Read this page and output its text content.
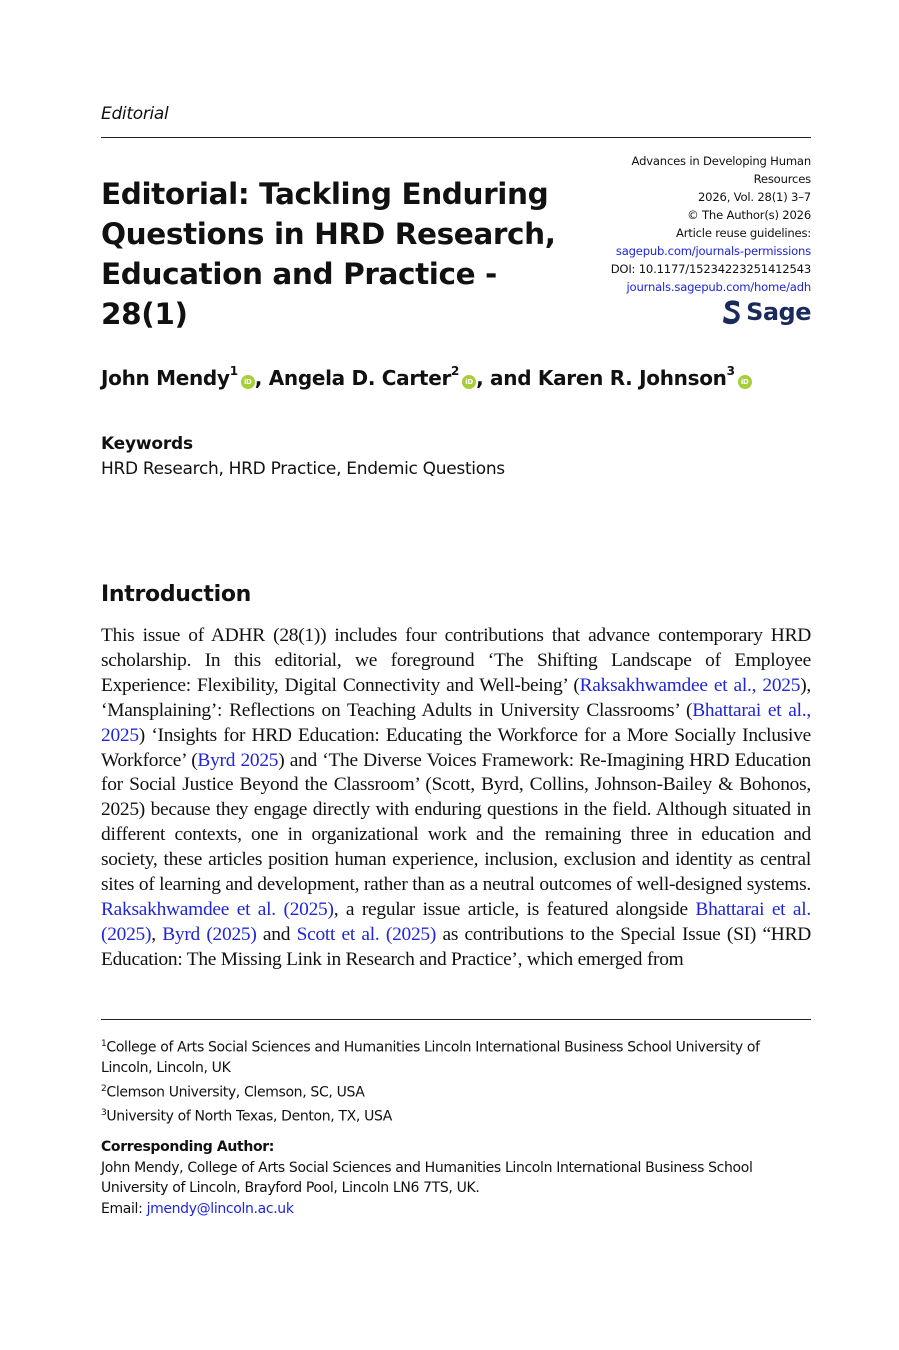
Editorial
Editorial: Tackling Enduring Questions in HRD Research, Education and Practice - 28(1)
Advances in Developing Human
Resources
2026, Vol. 28(1) 3–7
© The Author(s) 2026
Article reuse guidelines:
sagepub.com/journals-permissions
DOI: 10.1177/15234223251412543
journals.sagepub.com/home/adh
Sage
John Mendy$^1$iD , Angela D. Carter$^2$iD , and Karen R. Johnson$^3$iD
Keywords
HRD Research, HRD Practice, Endemic Questions
Introduction

This issue of ADHR (28(1)) includes four contributions that advance contemporary HRD scholarship. In this editorial, we foreground ‘The Shifting Landscape of Employee Experience: Flexibility, Digital Connectivity and Well-being’ (Raksakhwamdee et al., 2025), ‘Mansplaining’: Reflections on Teaching Adults in University Classrooms’ (Bhattarai et al., 2025) ‘Insights for HRD Education: Educating the Workforce for a More Socially Inclusive Workforce’ (Byrd 2025) and ‘The Diverse Voices Framework: Re-Imagining HRD Education for Social Justice Beyond the Classroom’ (Scott, Byrd, Collins, Johnson-Bailey & Bohonos, 2025) because they engage directly with enduring questions in the field. Although situated in different contexts, one in organizational work and the remaining three in education and society, these articles position human experience, inclusion, exclusion and identity as central sites of learning and development, rather than as a neutral outcomes of well-designed systems. Raksakhwamdee et al. (2025), a regular issue article, is featured alongside Bhattarai et al. (2025), Byrd (2025) and Scott et al. (2025) as contributions to the Special Issue (SI) “HRD Education: The Missing Link in Research and Practice’, which emerged from

$^1$College of Arts Social Sciences and Humanities Lincoln International Business School University of Lincoln, Lincoln, UK
$^2$Clemson University, Clemson, SC, USA
$^3$University of North Texas, Denton, TX, USA
Corresponding Author:
John Mendy, College of Arts Social Sciences and Humanities Lincoln International Business School University of Lincoln, Brayford Pool, Lincoln LN6 7TS, UK.
Email: jmendy@lincoln.ac.uk
